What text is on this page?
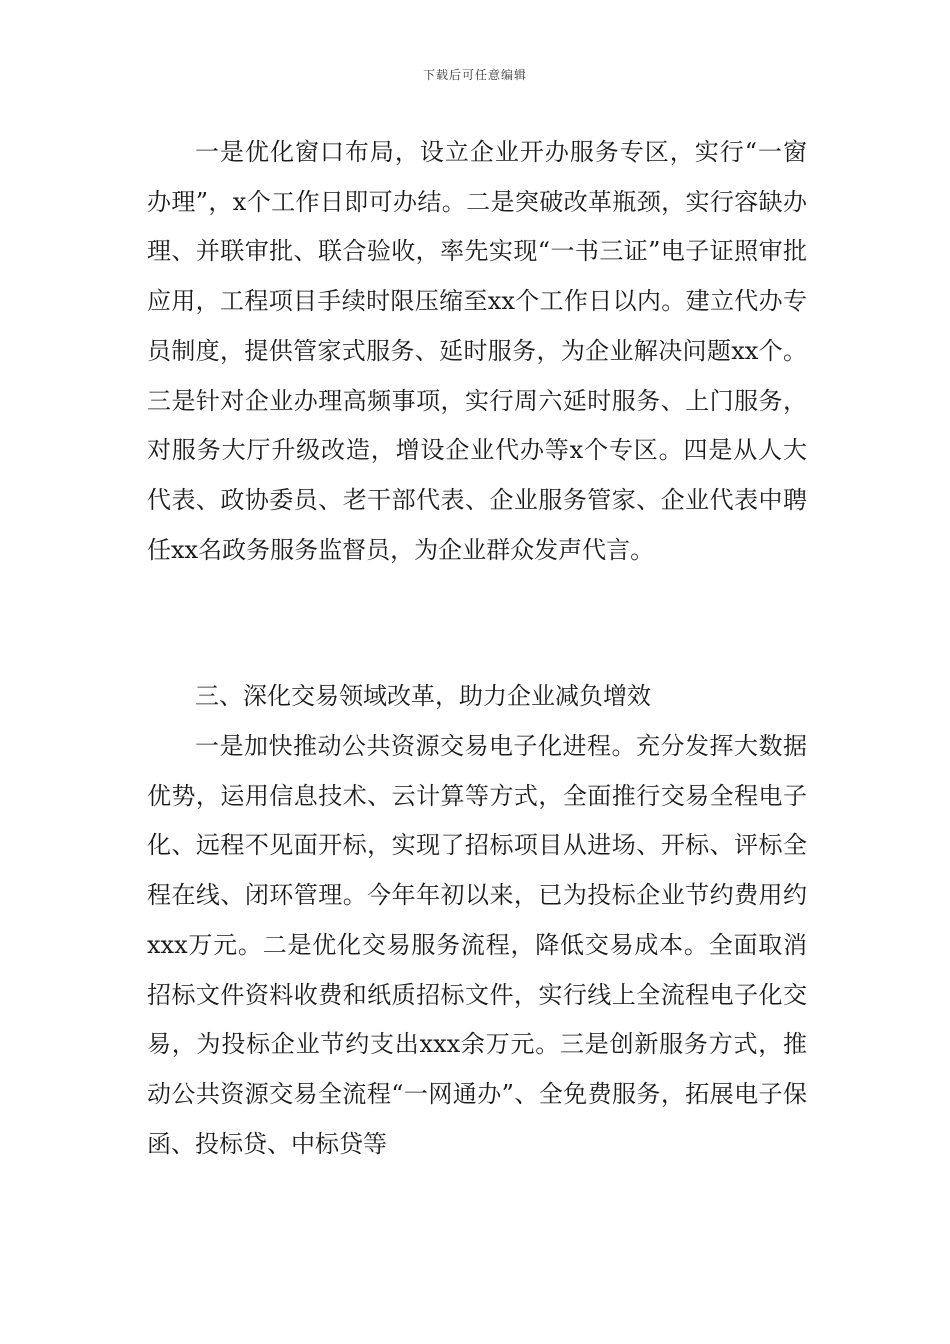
下载后可任意编辑

一是优化窗口布局，设立企业开办服务专区，实行“一窗办理”，x个工作日即可办结。二是突破改革瓶颈，实行容缺办理、并联审批、联合验收，率先实现“一书三证”电子证照审批应用，工程项目手续时限压缩至xx个工作日以内。建立代办专员制度，提供管家式服务、延时服务，为企业解决问题xx个。三是针对企业办理高频事项，实行周六延时服务、上门服务，对服务大厅升级改造，增设企业代办等x个专区。四是从人大代表、政协委员、老干部代表、企业服务管家、企业代表中聘任xx名政务服务监督员，为企业群众发声代言。

三、深化交易领域改革，助力企业减负增效

一是加快推动公共资源交易电子化进程。充分发挥大数据优势，运用信息技术、云计算等方式，全面推行交易全程电子化、远程不见面开标，实现了招标项目从进场、开标、评标全程在线、闭环管理。今年年初以来，已为投标企业节约费用约xxx万元。二是优化交易服务流程，降低交易成本。全面取消招标文件资料收费和纸质招标文件，实行线上全流程电子化交易，为投标企业节约支出xxx余万元。三是创新服务方式，推动公共资源交易全流程“一网通办”、全免费服务，拓展电子保函、投标贷、中标贷等
